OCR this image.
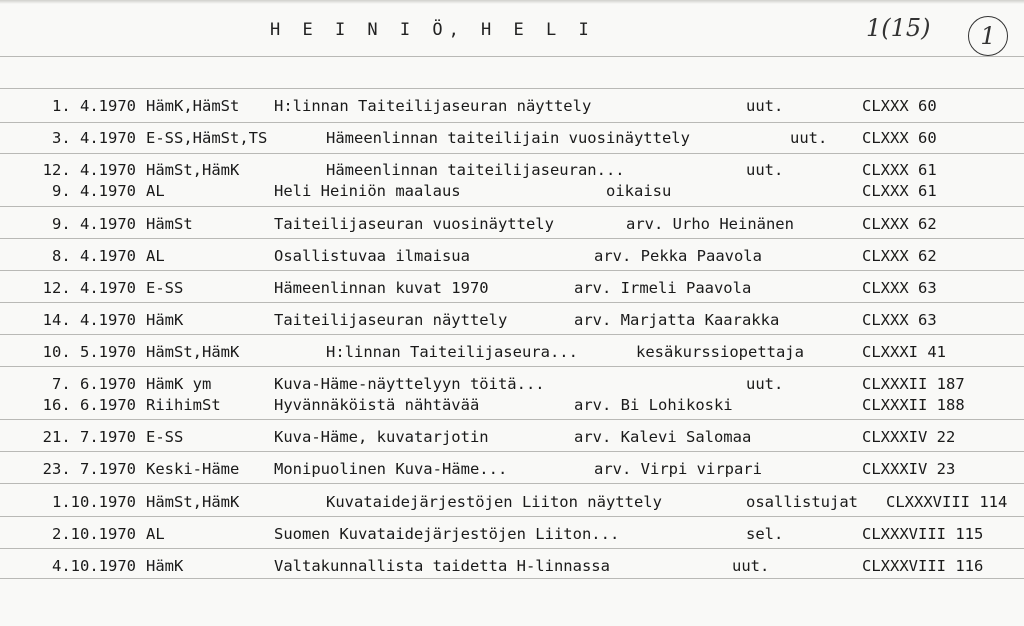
H E I N I Ö, H E L I	1(15)	1
1. 4.1970 HämK,HämSt H:linnan Taiteilijaseuran näyttely	uut.	CLXXX 60
3. 4.1970 E-SS,HämSt,TS	Hämeenlinnan taiteilijain vuosinäyttely	uut. CLXXX 60
12. 4.1970 HämSt,HämK	Hämeenlinnan taiteilijaseuran...	uut.	CLXXX 61
9. 4.1970 AL	Heli Heiniön maalaus	oikaisu	CLXXX 61
9. 4.1970 HämSt	Taiteilijaseuran vuosinäyttely	arv. Urho Heinänen	CLXXX 62
8. 4.1970 AL	Osallistuvaa ilmaisua	arv. Pekka Paavola	CLXXX 62
12. 4.1970 E-SS	Hämeenlinnan kuvat 1970	arv. Irmeli Paavola	CLXXX 63
14. 4.1970 HämK	Taiteilijaseuran näyttely	arv. Marjatta Kaarakka	CLXXX 63
10. 5.1970 HämSt,HämK	H:linnan Taiteilijaseura...	kesäkurssiopettaja	CLXXXI 41
7. 6.1970 HämK ym	Kuva-Häme-näyttelyyn töitä...	uut.	CLXXXII 187
16. 6.1970 RiihimSt	Hyvännäköistä nähtävää	arv. Bi Lohikoski	CLXXXII 188
21. 7.1970 E-SS	Kuva-Häme, kuvatarjotin	arv. Kalevi Salomaa	CLXXXIV 22
23. 7.1970 Keski-Häme Monipuolinen Kuva-Häme...	arv. Virpi virpari	CLXXXIV 23
1.10.1970 HämSt,HämK	Kuvataidejärjestöjen Liiton näyttely	osallistujat CLXXXVIII 114
2.10.1970 AL	Suomen Kuvataidejärjestöjen Liiton...	sel.	CLXXXVIII 115
4.10.1970 HämK	Valtakunnallista taidetta H-linnassa	uut.	CLXXXVIII 116
